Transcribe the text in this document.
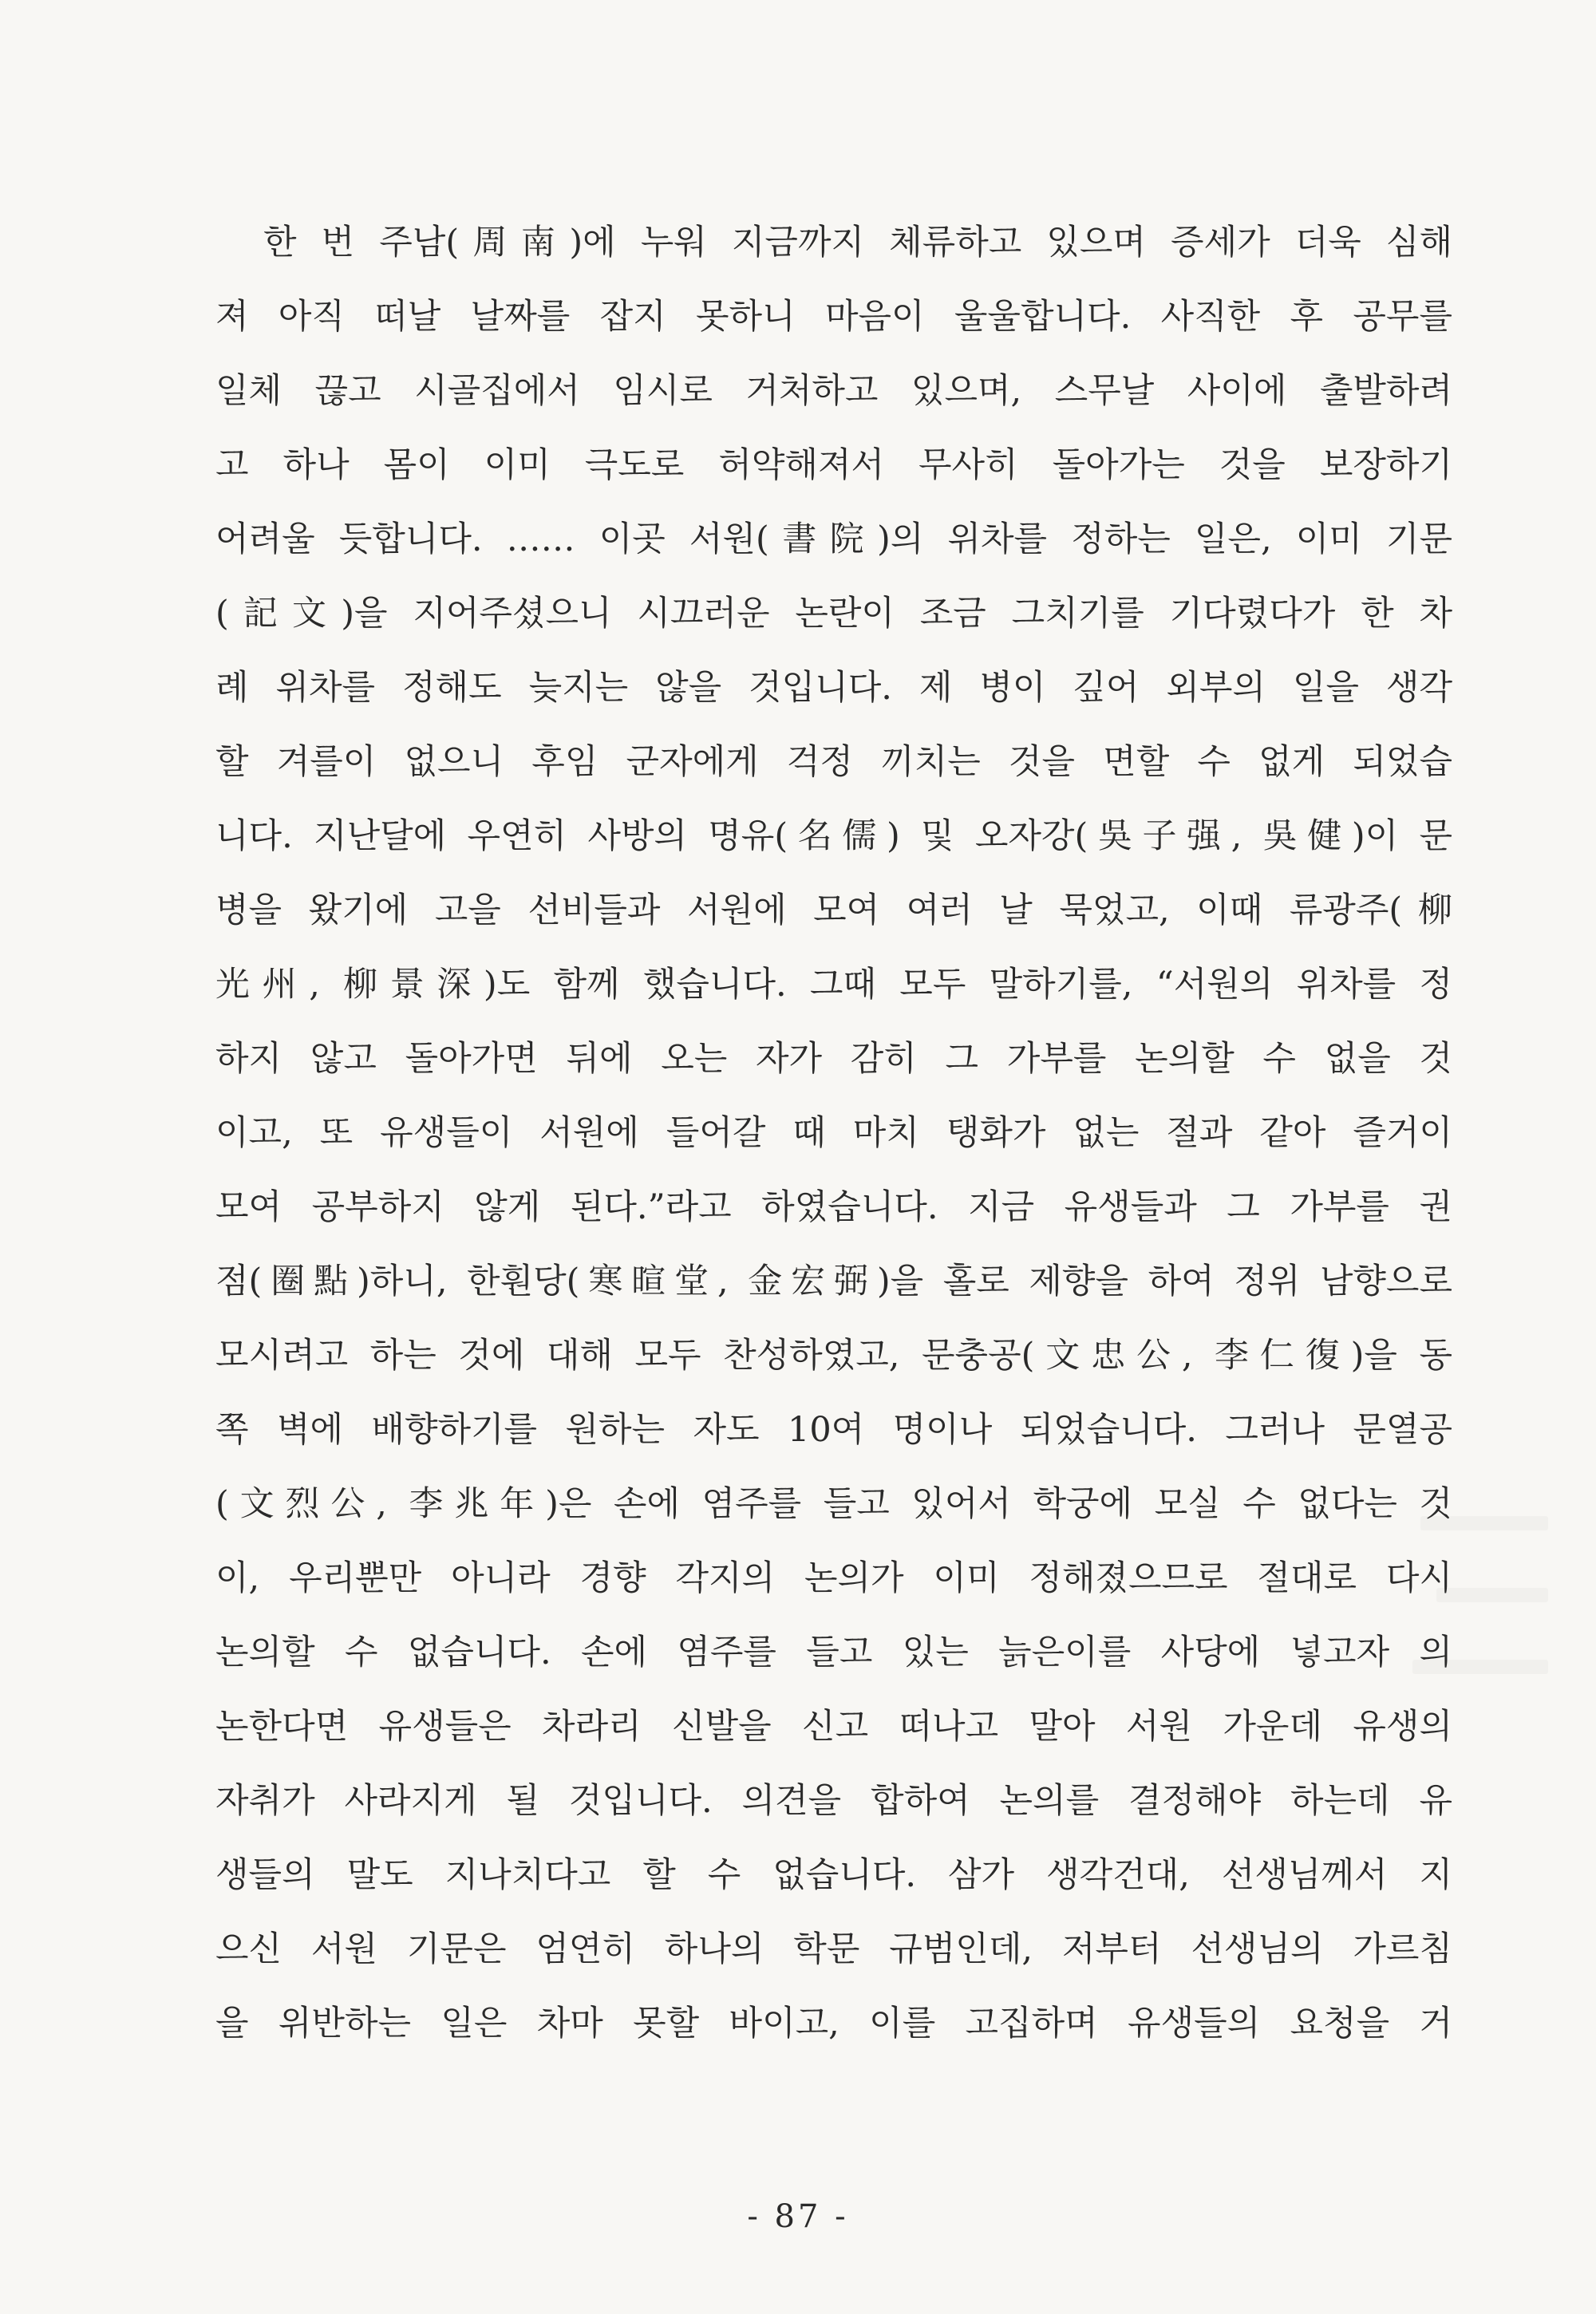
한 번 주남(周南)에 누워 지금까지 체류하고 있으며 증세가 더욱 심해
져 아직 떠날 날짜를 잡지 못하니 마음이 울울합니다. 사직한 후 공무를
일체 끊고 시골집에서 임시로 거처하고 있으며, 스무날 사이에 출발하려
고 하나 몸이 이미 극도로 허약해져서 무사히 돌아가는 것을 보장하기
어려울 듯합니다. …… 이곳 서원(書院)의 위차를 정하는 일은, 이미 기문
(記文)을 지어주셨으니 시끄러운 논란이 조금 그치기를 기다렸다가 한 차
례 위차를 정해도 늦지는 않을 것입니다. 제 병이 깊어 외부의 일을 생각
할 겨를이 없으니 후임 군자에게 걱정 끼치는 것을 면할 수 없게 되었습
니다. 지난달에 우연히 사방의 명유(名儒) 및 오자강(吳子强, 吳健)이 문
병을 왔기에 고을 선비들과 서원에 모여 여러 날 묵었고, 이때 류광주(柳
光州, 柳景深)도 함께 했습니다. 그때 모두 말하기를, “서원의 위차를 정
하지 않고 돌아가면 뒤에 오는 자가 감히 그 가부를 논의할 수 없을 것
이고, 또 유생들이 서원에 들어갈 때 마치 탱화가 없는 절과 같아 즐거이
모여 공부하지 않게 된다.”라고 하였습니다. 지금 유생들과 그 가부를 권
점(圈點)하니, 한훤당(寒暄堂, 金宏弼)을 홀로 제향을 하여 정위 남향으로
모시려고 하는 것에 대해 모두 찬성하였고, 문충공(文忠公, 李仁復)을 동
쪽 벽에 배향하기를 원하는 자도 10여 명이나 되었습니다. 그러나 문열공
(文烈公, 李兆年)은 손에 염주를 들고 있어서 학궁에 모실 수 없다는 것
이, 우리뿐만 아니라 경향 각지의 논의가 이미 정해졌으므로 절대로 다시
논의할 수 없습니다. 손에 염주를 들고 있는 늙은이를 사당에 넣고자 의
논한다면 유생들은 차라리 신발을 신고 떠나고 말아 서원 가운데 유생의
자취가 사라지게 될 것입니다. 의견을 합하여 논의를 결정해야 하는데 유
생들의 말도 지나치다고 할 수 없습니다. 삼가 생각건대, 선생님께서 지
으신 서원 기문은 엄연히 하나의 학문 규범인데, 저부터 선생님의 가르침
을 위반하는 일은 차마 못할 바이고, 이를 고집하며 유생들의 요청을 거
- 87 -
